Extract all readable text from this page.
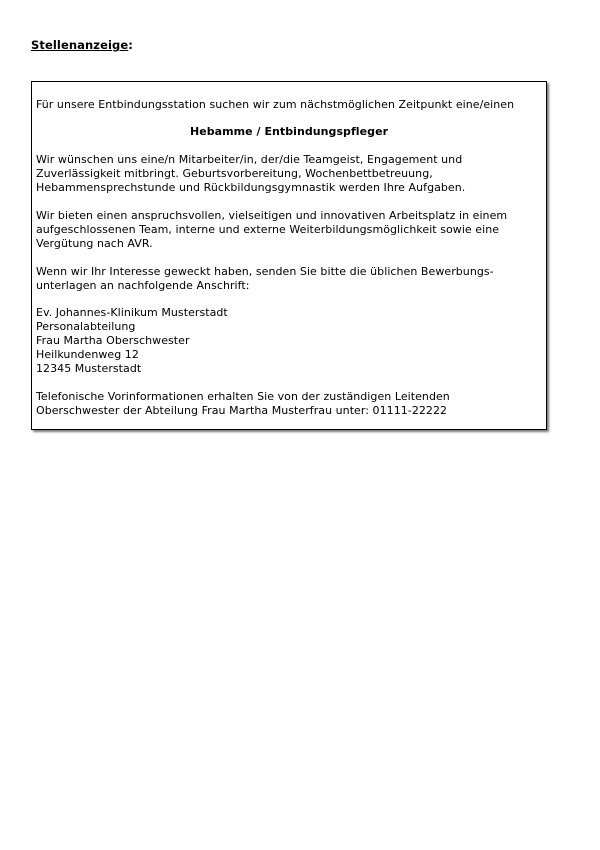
Stellenanzeige:
Für unsere Entbindungsstation suchen wir zum nächstmöglichen Zeitpunkt eine/einen
Hebamme / Entbindungspfleger
Wir wünschen uns eine/n Mitarbeiter/in, der/die Teamgeist, Engagement und
Zuverlässigkeit mitbringt. Geburtsvorbereitung, Wochenbettbetreuung,
Hebammensprechstunde und Rückbildungsgymnastik werden Ihre Aufgaben.
Wir bieten einen anspruchsvollen, vielseitigen und innovativen Arbeitsplatz in einem
aufgeschlossenen Team, interne und externe Weiterbildungsmöglichkeit sowie eine
Vergütung nach AVR.
Wenn wir Ihr Interesse geweckt haben, senden Sie bitte die üblichen Bewerbungs-
unterlagen an nachfolgende Anschrift:
Ev. Johannes-Klinikum Musterstadt
Personalabteilung
Frau Martha Oberschwester
Heilkundenweg 12
12345 Musterstadt
Telefonische Vorinformationen erhalten Sie von der zuständigen Leitenden
Oberschwester der Abteilung Frau Martha Musterfrau unter: 01111-22222
